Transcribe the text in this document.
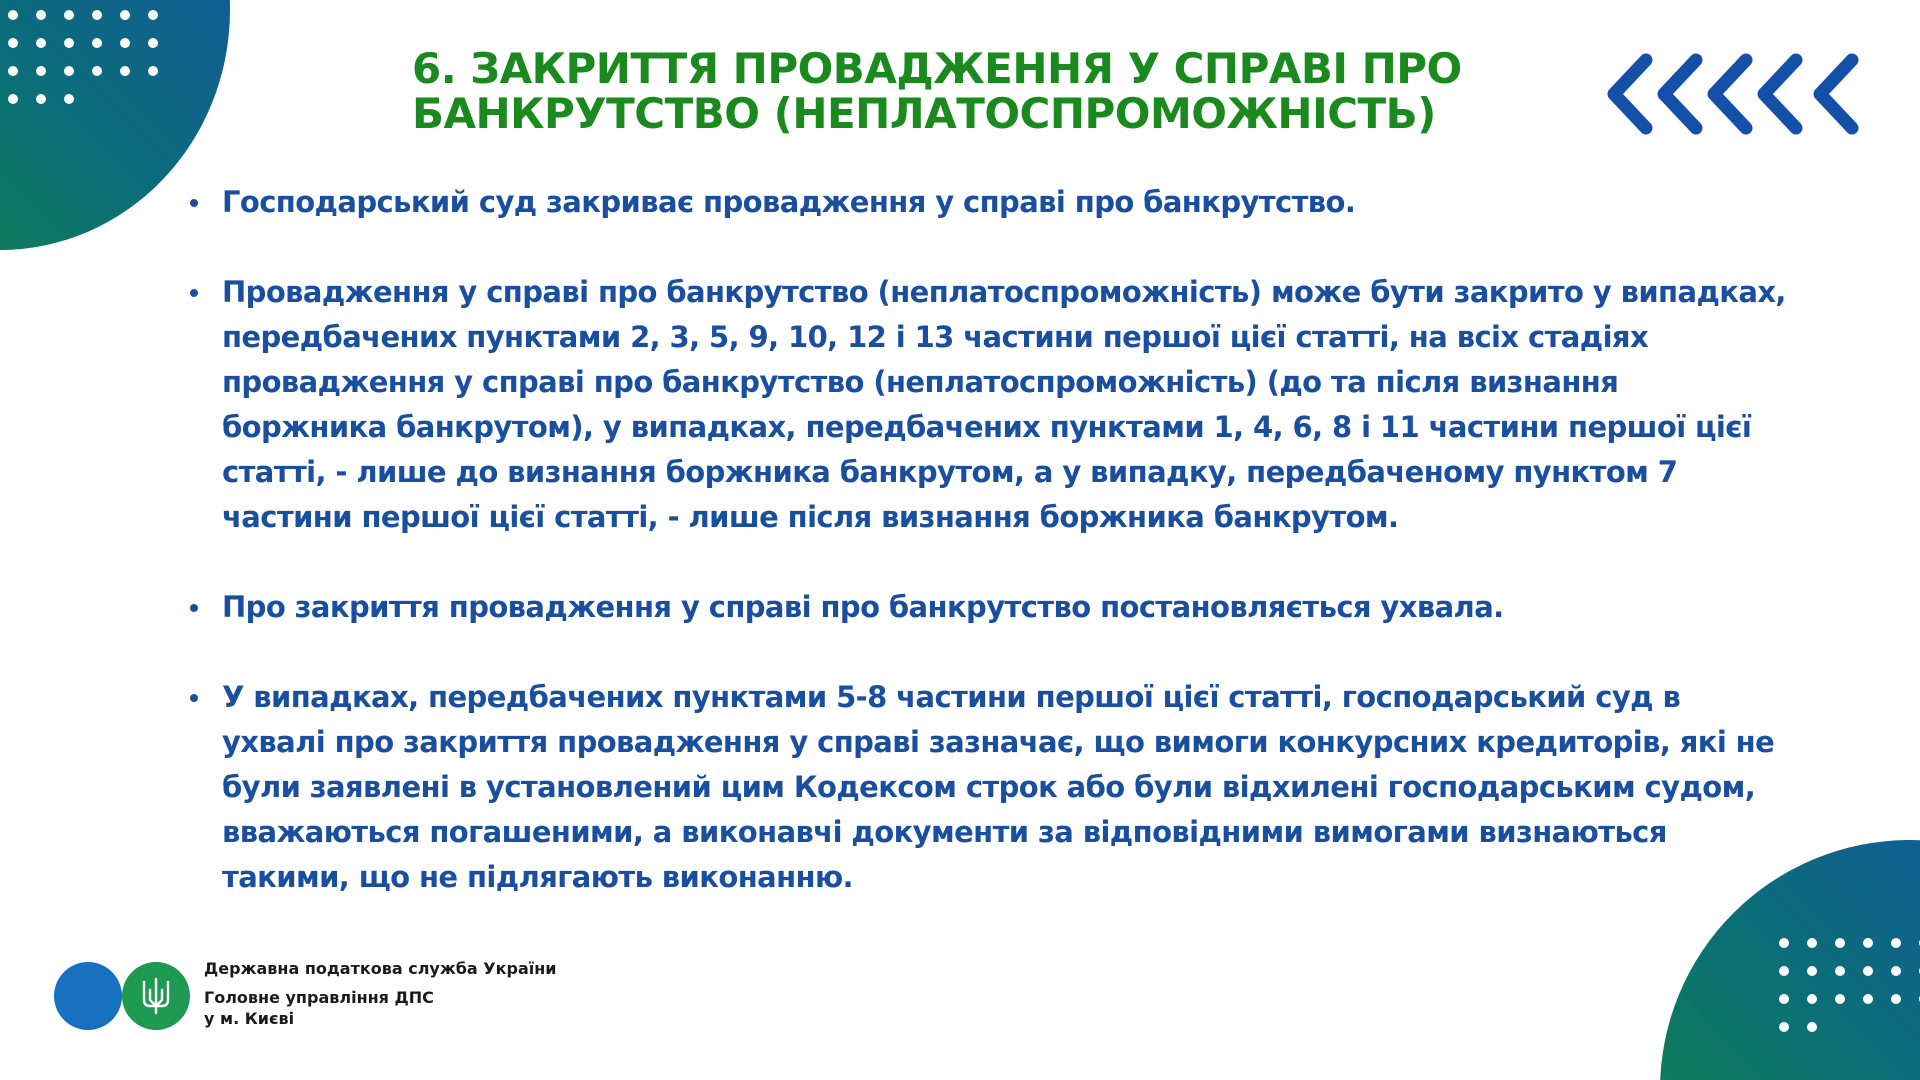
6. ЗАКРИТТЯ ПРОВАДЖЕННЯ У СПРАВІ ПРО БАНКРУТСТВО (НЕПЛАТОСПРОМОЖНІСТЬ)
Господарський суд закриває провадження у справі про банкрутство.
Провадження у справі про банкрутство (неплатоспроможність) може бути закрито у випадках, передбачених пунктами 2, 3, 5, 9, 10, 12 і 13 частини першої цієї статті, на всіх стадіях провадження у справі про банкрутство (неплатоспроможність) (до та після визнання боржника банкрутом), у випадках, передбачених пунктами 1, 4, 6, 8 і 11 частини першої цієї статті, - лише до визнання боржника банкрутом, а у випадку, передбаченому пунктом 7 частини першої цієї статті, - лише після визнання боржника банкрутом.
Про закриття провадження у справі про банкрутство постановляється ухвала.
У випадках, передбачених пунктами 5-8 частини першої цієї статті, господарський суд в ухвалі про закриття провадження у справі зазначає, що вимоги конкурсних кредиторів, які не були заявлені в установлений цим Кодексом строк або були відхилені господарським судом, вважаються погашеними, а виконавчі документи за відповідними вимогами визнаються такими, що не підлягають виконанню.
Державна податкова служба України
Головне управління ДПС
у м. Києві
